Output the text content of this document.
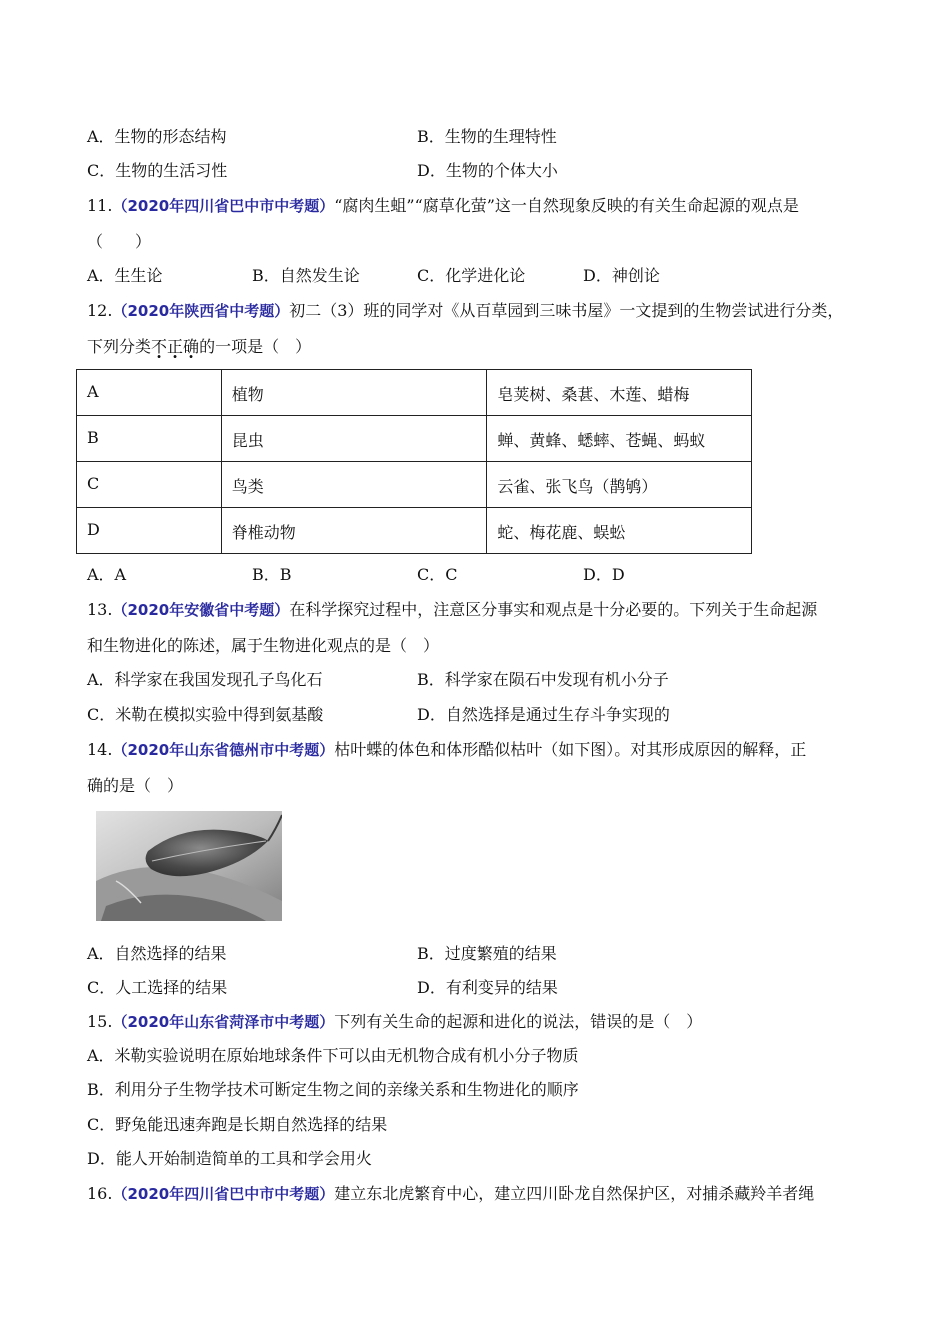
A．生物的形态结构	B．生物的生理特性
C．生物的生活习性	D．生物的个体大小
11.（2020年四川省巴中市中考题）“腐肉生蛆”“腐草化萤”这一自然现象反映的有关生命起源的观点是
（　　）
A．生生论	B．自然发生论	C．化学进化论	D．神创论
12.（2020年陕西省中考题）初二（3）班的同学对《从百草园到三味书屋》一文提到的生物尝试进行分类，
下列分类不正确的一项是（　）
A	植物	皂荚树、桑葚、木莲、蜡梅
B	昆虫	蝉、黄蜂、蟋蟀、苍蝇、蚂蚁
C	鸟类	云雀、张飞鸟（鹊鸲）
D	脊椎动物	蛇、梅花鹿、蜈蚣
A．A	B．B	C．C	D．D
13.（2020年安徽省中考题）在科学探究过程中，注意区分事实和观点是十分必要的。下列关于生命起源
和生物进化的陈述，属于生物进化观点的是（　）
A．科学家在我国发现孔子鸟化石	B．科学家在陨石中发现有机小分子
C．米勒在模拟实验中得到氨基酸	D．自然选择是通过生存斗争实现的
14.（2020年山东省德州市中考题）枯叶蝶的体色和体形酷似枯叶（如下图）。对其形成原因的解释，正
确的是（　）
A．自然选择的结果	B．过度繁殖的结果
C．人工选择的结果	D．有利变异的结果
15.（2020年山东省菏泽市中考题）下列有关生命的起源和进化的说法，错误的是（　）
A．米勒实验说明在原始地球条件下可以由无机物合成有机小分子物质
B．利用分子生物学技术可断定生物之间的亲缘关系和生物进化的顺序
C．野兔能迅速奔跑是长期自然选择的结果
D．能人开始制造简单的工具和学会用火
16.（2020年四川省巴中市中考题）建立东北虎繁育中心，建立四川卧龙自然保护区，对捕杀藏羚羊者绳
